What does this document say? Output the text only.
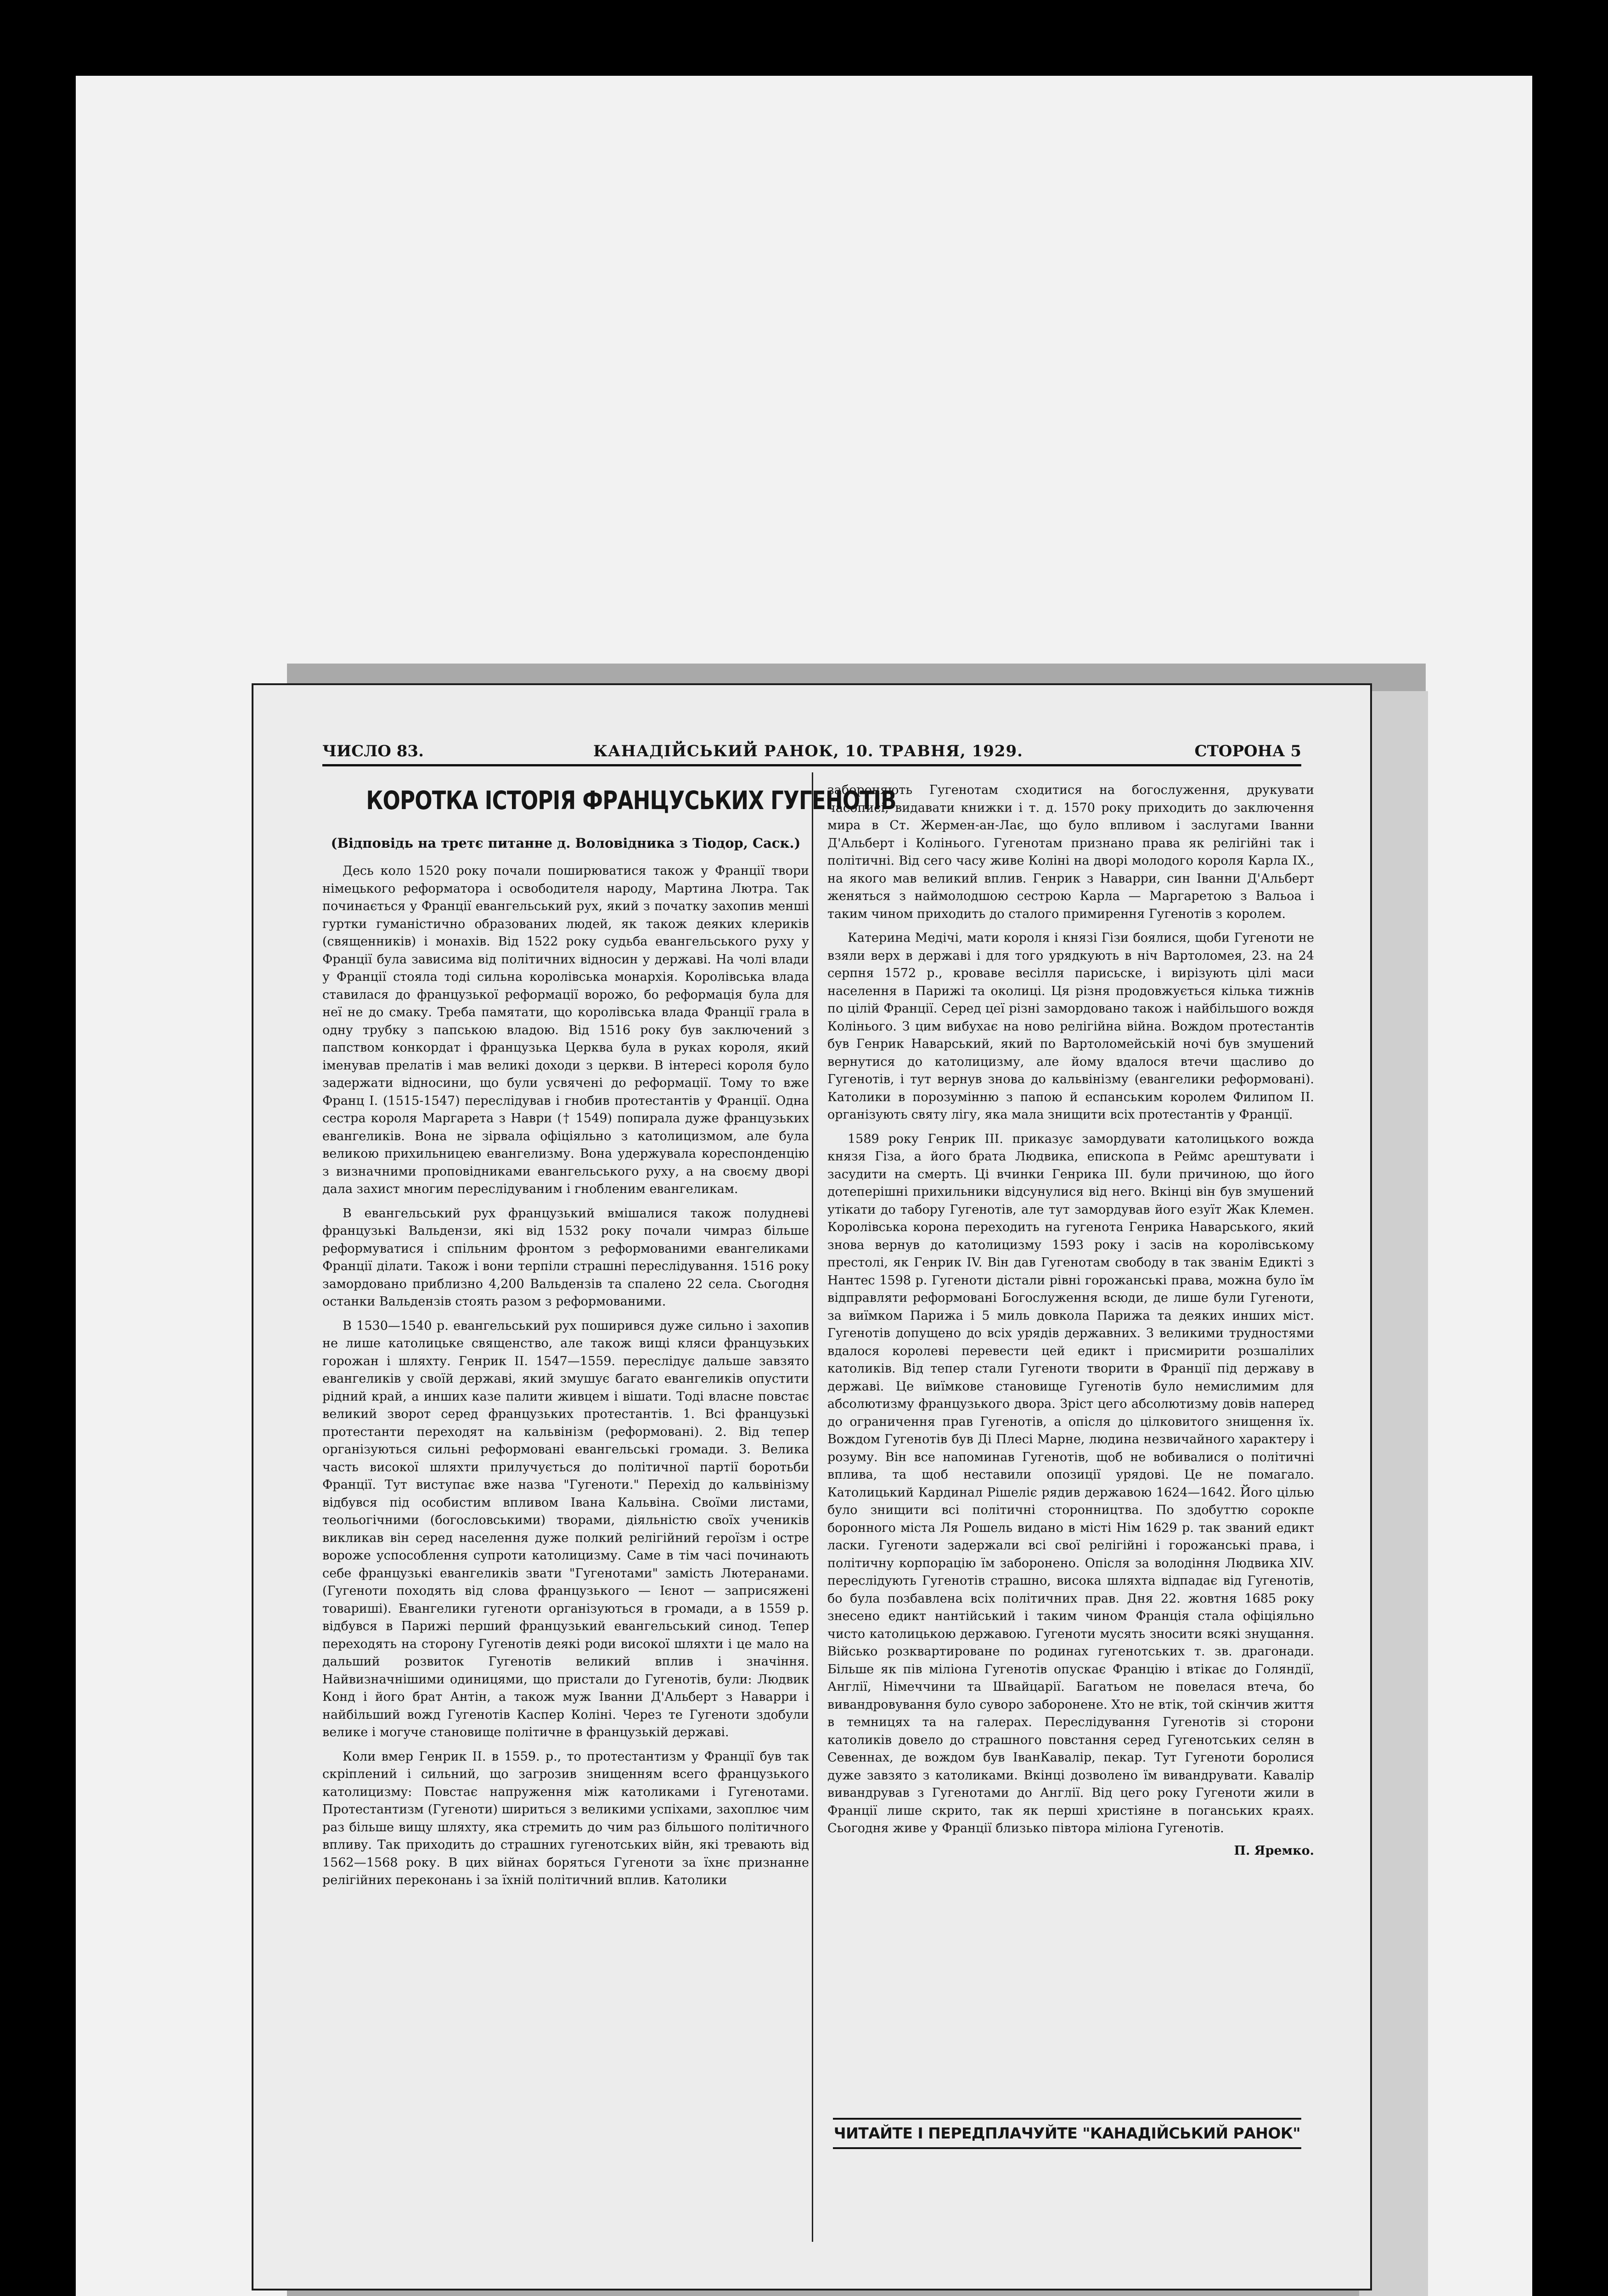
ЧИСЛО 83.	КАНАДІЙСЬКИЙ РАНОК, 10. ТРАВНЯ, 1929.	СТОРОНА 5
КОРОТКА ІСТОРІЯ ФРАНЦУСЬКИХ ГУГЕНОТІВ
(Відповідь на третє питанне д. Воловідника з Тіодор, Саск.)

Десь коло 1520 року почали поширюватися також у Франції твори німецького реформатора і освободителя народу, Мартина Лютра. Так починається у Франції евангельський рух, який з початку захопив менші гуртки гуманістично образованих людей, як також деяких клериків (священників) і монахів. Від 1522 року судьба евангельського руху у Франції була зависима від політичних відносин у державі. На чолі влади у Франції стояла тоді сильна королівська монархія. Королівська влада ставилася до французької реформації ворожо, бо реформація була для неї не до смаку. Треба памятати, що королівська влада Франції грала в одну трубку з папською владою. Від 1516 року був заключений з папством конкордат і французька Церква була в руках короля, який іменував прелатів і мав великі доходи з церкви. В інтересі короля було задержати відносини, що були усвячені до реформації. Тому то вже Франц I. (1515-1547) переслідував і гнобив протестантів у Франції. Одна сестра короля Маргарета з Наври († 1549) попирала дуже французьких евангеликів. Вона не зірвала офіціяльно з католицизмом, але була великою прихильницею евангелизму. Вона удержувала кореспонденцію з визначними проповідниками евангельського руху, а на своєму дворі дала захист многим переслідуваним і гнобленим евангеликам.

В евангельський рух французький вмішалися також полудневі французькі Вальдензи, які від 1532 року почали чимраз більше реформуватися і спільним фронтом з реформованими евангеликами Франції ділати. Також і вони терпіли страшні переслідування. 1516 року замордовано приблизно 4,200 Вальдензів та спалено 22 села. Сьогодня останки Вальдензів стоять разом з реформованими.

В 1530—1540 р. евангельський рух поширився дуже сильно і захопив не лише католицьке священство, але також вищі кляси французьких горожан і шляхту. Генрик II. 1547—1559. переслідує дальше завзято евангеликів у своїй державі, який змушує багато евангеликів опустити рідний край, а инших казе палити живцем і вішати. Тоді власне повстає великий зворот серед французьких протестантів. 1. Всі французькі протестанти переходят на кальвінізм (реформовані). 2. Від тепер організуються сильні реформовані евангельські громади. 3. Велика часть високої шляхти прилучується до політичної партії боротьби Франції. Тут виступає вже назва "Гугеноти." Перехід до кальвінізму відбувся під особистим впливом Івана Кальвіна. Своїми листами, теольогічними (богословськими) творами, діяльністю своїх учеників викликав він серед населення дуже полкий релігійний героїзм і остре ворожe успособлення супроти католицизму. Саме в тім часі починають себе французькі евангеликів звати "Гугенотами" замість Лютеранами. (Гугеноти походять від слова французького — Ієнот — заприсяжені товариші). Евангелики гугеноти організуються в громади, а в 1559 р. відбувся в Парижі перший французький евангельський синод. Тепер переходять на сторону Гугенотів деякі роди високої шляхти і це мало на дальший розвиток Гугенотів великий вплив і значіння. Найвизначнішими одиницями, що пристали до Гугенотів, були: Людвик Конд і його брат Антін, а також муж Іванни Д'Альберт з Наварри і найбільший вожд Гугенотів Каспер Коліні. Через те Гугеноти здобули велике і могуче становище політичне в французькій державі.

Коли вмер Генрик II. в 1559. р., то протестантизм у Франції був так скріплений і сильний, що загрозив знищенням всего французького католицизму: Повстає напруження між католиками і Гугенотами. Протестантизм (Гугеноти) шириться з великими успіхами, захоплює чим раз більше вищу шляхту, яка стремить до чим раз більшого політичного впливу. Так приходить до страшних гугенотських війн, які тревають від 1562—1568 року. В цих війнах боряться Гугеноти за їхнє признанне релігійних переконань і за їхній політичний вплив. Католики

забороняють Гугенотам сходитися на богослуження, друкувати часописі, видавати книжки і т. д. 1570 року приходить до заключення мира в Ст. Жермен-ан-Лає, що було впливом і заслугами Іванни Д'Альберт і Колінього. Гугенотам признано права як релігійні так і політичні. Від сего часу живе Коліні на дворі молодого короля Карла IX., на якого мав великий вплив. Генрик з Наварри, син Іванни Д'Альберт женяться з наймолодшою сестрою Карла — Маргаретою з Вальоа і таким чином приходить до сталого примирення Гугенотів з королем.

Катерина Медічі, мати короля і князі Гізи боялися, щоби Гугеноти не взяли верх в державі і для того урядкують в ніч Вартоломея, 23. на 24 серпня 1572 р., кроваве весілля парисьске, і вирізують цілі маси населення в Парижі та околиці. Ця різня продовжується кілька тижнів по цілій Франції. Серед цеї різні замордовано також і найбільшого вождя Колінього. З цим вибухає на ново релігійна війна. Вождом протестантів був Генрик Наварський, який по Вартоломейській ночі був змушений вернутися до католицизму, але йому вдалося втечи щасливо до Гугенотів, і тут вернув знова до кальвінізму (евангелики реформовані). Католики в порозумінню з папою й еспанським королем Филипом II. організують святу лігу, яка мала знищити всіх протестантів у Франції.

1589 року Генрик III. приказує замордувати католицького вожда князя Гіза, а його брата Людвика, епископа в Реймс арештувати і засудити на смерть. Ці вчинки Генрика III. були причиною, що його дотеперішні прихильники відсунулися від него. Вкінці він був змушений утікати до табору Гугенотів, але тут замордував його езуїт Жак Клемен. Королівська корона переходить на гугенота Генрика Наварського, який знова вернув до католицизму 1593 року і засів на королівському престолі, як Генрик IV. Він дав Гугенотам свободу в так званім Едикті з Нантес 1598 р. Гугеноти дістали рівні горожанські права, можна було їм відправляти реформовані Богослуження всюди, де лише були Гугеноти, за виїмком Парижа і 5 миль довкола Парижа та деяких инших міст. Гугенотів допущено до всіх урядів державних. З великими трудностями вдалося королеві перевести цей едикт і присмирити розшалілих католиків. Від тепер стали Гугеноти творити в Франції під державу в державі. Це виїмкове становище Гугенотів було немислимим для абсолютизму французького двора. Зріст цего абсолютизму довів наперед до ограничення прав Гугенотів, а опісля до цілковитого знищення їх. Вождом Гугенотів був Ді Плесі Марне, людина незвичайного характеру і розуму. Він все напоминав Гугенотів, щоб не вобивалися о політичні вплива, та щоб неставили опозиції урядові. Це не помагало. Католицький Кардинал Рішеліє рядив державою 1624—1642. Його цілью було знищити всі політичні сторонництва. По здобуттю сорокпе боронного міста Ля Рошель видано в місті Нім 1629 р. так званий едикт ласки. Гугеноти задержали всі свої релігійні і горожанські права, і політичну корпорацію їм заборонено. Опісля за володіння Людвика XIV. переслідують Гугенотів страшно, висока шляхта відпадає від Гугенотів, бо була позбавлена всіх політичних прав. Дня 22. жовтня 1685 року знесено едикт нантійський і таким чином Франція стала офіціяльно чисто католицькою державою. Гугеноти мусять зносити всякі знущання. Військо розквартироване по родинах гугенотських т. зв. драгонади. Більше як пів міліона Гугенотів опускає Францію і втікає до Голяндії, Англії, Німеччини та Швайцарії. Багатьом не повелася втеча, бо вивандровування було суворо заборонене. Хто не втік, той скінчив життя в темницях та на галерах. Переслідування Гугенотів зі сторони католиків довело до страшного повстання серед Гугенотських селян в Севеннах, де вождом був ІванКавалір, пекар. Тут Гугеноти боролися дуже завзято з католиками. Вкінці дозволено їм вивандрувати. Кавалір вивандрував з Гугенотами до Англії. Від цего року Гугеноти жили в Франції лише скрито, так як перші христіяне в поганських краях. Сьогодня живе у Франції близько півтора міліона Гугенотів.

П. Яремко.
ЧИТАЙТЕ І ПЕРЕДПЛАЧУЙТЕ "КАНАДІЙСЬКИЙ РАНОК"
